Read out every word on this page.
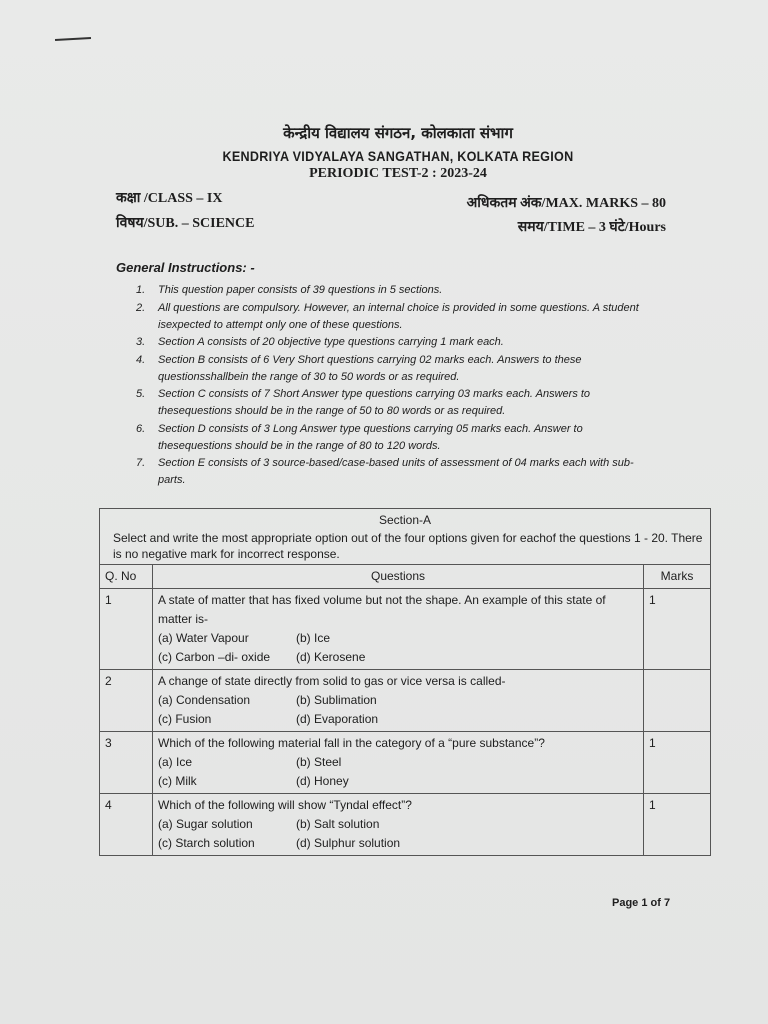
केन्द्रीय विद्यालय संगठन, कोलकाता संभाग
KENDRIYA VIDYALAYA SANGATHAN, KOLKATA REGION
PERIODIC TEST-2 : 2023-24
कक्षा /CLASS – IX
विषय/SUB. – SCIENCE
अधिकतम अंक/MAX. MARKS – 80
समय/TIME – 3 घंटे/Hours
General Instructions: -
1. This question paper consists of 39 questions in 5 sections.
2. All questions are compulsory. However, an internal choice is provided in some questions. A student isexpected to attempt only one of these questions.
3. Section A consists of 20 objective type questions carrying 1 mark each.
4. Section B consists of 6 Very Short questions carrying 02 marks each. Answers to these questionsshallbein the range of 30 to 50 words or as required.
5. Section C consists of 7 Short Answer type questions carrying 03 marks each. Answers to thesequestions should be in the range of 50 to 80 words or as required.
6. Section D consists of 3 Long Answer type questions carrying 05 marks each. Answer to thesequestions should be in the range of 80 to 120 words.
7. Section E consists of 3 source-based/case-based units of assessment of 04 marks each with sub-parts.
Section-A
Select and write the most appropriate option out of the four options given for eachof the questions 1 - 20. There is no negative mark for incorrect response.		

Q. No	Questions	Marks
1	A state of matter that has fixed volume but not the shape. An example of this state of matter is-
(a) Water Vapour (b) Ice
(c) Carbon –di- oxide (d) Kerosene	1
2	A change of state directly from solid to gas or vice versa is called-
(a) Condensation (b) Sublimation
(c) Fusion (d) Evaporation	

3	Which of the following material fall in the category of a “pure substance”?
(a) Ice (b) Steel
(c) Milk (d) Honey	1
4	Which of the following will show “Tyndal effect”?
(a) Sugar solution (b) Salt solution
(c) Starch solution (d) Sulphur solution	1
Page 1 of 7
